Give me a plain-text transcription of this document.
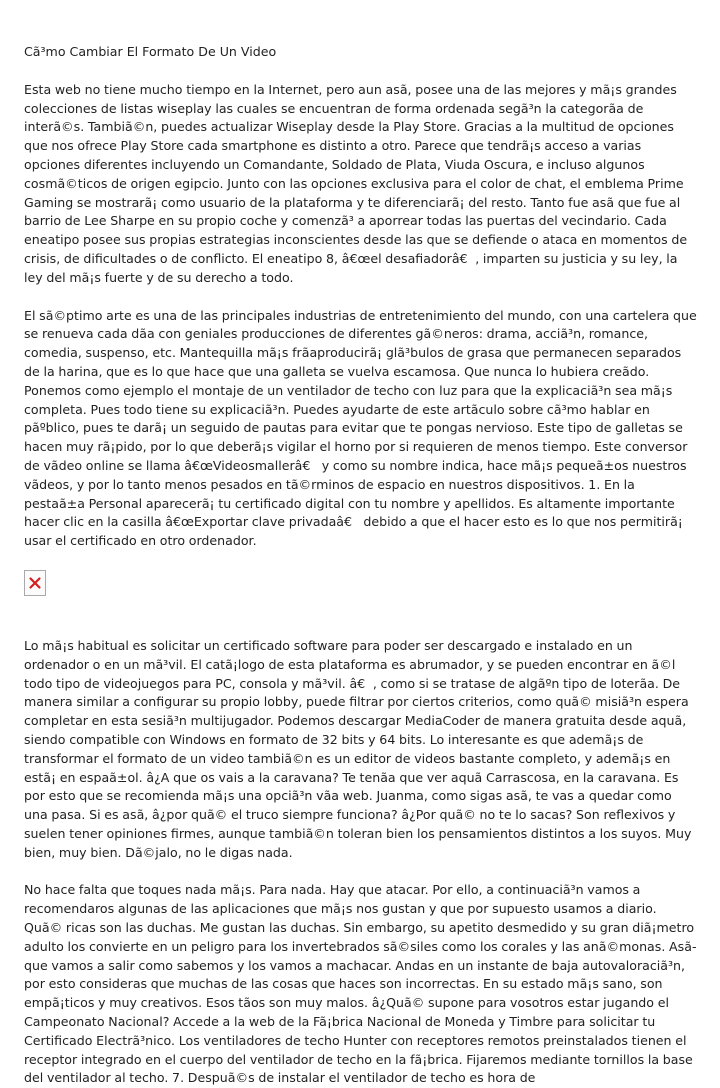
Cã³mo Cambiar El Formato De Un Video

Esta web no tiene mucho tiempo en la Internet, pero aun asã, posee una de las mejores y mã¡s grandes colecciones de listas wiseplay las cuales se encuentran de forma ordenada segã³n la categorãa de interã©s. Tambiã©n, puedes actualizar Wiseplay desde la Play Store. Gracias a la multitud de opciones que nos ofrece Play Store cada smartphone es distinto a otro. Parece que tendrã¡s acceso a varias opciones diferentes incluyendo un Comandante, Soldado de Plata, Viuda Oscura, e incluso algunos cosmã©ticos de origen egipcio. Junto con las opciones exclusiva para el color de chat, el emblema Prime Gaming se mostrarã¡ como usuario de la plataforma y te diferenciarã¡ del resto. Tanto fue asã que fue al barrio de Lee Sharpe en su propio coche y comenzã³ a aporrear todas las puertas del vecindario. Cada eneatipo posee sus propias estrategias inconscientes desde las que se defiende o ataca en momentos de crisis, de dificultades o de conflicto. El eneatipo 8, â€œel desafiadorâ€, imparten su justicia y su ley, la ley del mã¡s fuerte y de su derecho a todo.

El sã©ptimo arte es una de las principales industrias de entretenimiento del mundo, con una cartelera que se renueva cada dãa con geniales producciones de diferentes gã©neros: drama, acciã³n, romance, comedia, suspenso, etc. Mantequilla mã¡s frãaproducirã¡ glã³bulos de grasa que permanecen separados de la harina, que es lo que hace que una galleta se vuelva escamosa. Que nunca lo hubiera creãdo. Ponemos como ejemplo el montaje de un ventilador de techo con luz para que la explicaciã³n sea mã¡s completa. Pues todo tiene su explicaciã³n. Puedes ayudarte de este artãculo sobre cã³mo hablar en pãºblico, pues te darã¡ un seguido de pautas para evitar que te pongas nervioso. Este tipo de galletas se hacen muy rã¡pido, por lo que deberã¡s vigilar el horno por si requieren de menos tiempo. Este conversor de vãdeo online se llama â€œVideosmallerâ€ y como su nombre indica, hace mã¡s pequeã±os nuestros vãdeos, y por lo tanto menos pesados en tã©rminos de espacio en nuestros dispositivos. 1. En la pestaã±a Personal aparecerã¡ tu certificado digital con tu nombre y apellidos. Es altamente importante hacer clic en la casilla â€œExportar clave privadaâ€ debido a que el hacer esto es lo que nos permitirã¡ usar el certificado en otro ordenador.

Lo mã¡s habitual es solicitar un certificado software para poder ser descargado e instalado en un ordenador o en un mã³vil. El catã¡logo de esta plataforma es abrumador, y se pueden encontrar en ã©l todo tipo de videojuegos para PC, consola y mã³vil. â€, como si se tratase de algãºn tipo de loterãa. De manera similar a configurar su propio lobby, puede filtrar por ciertos criterios, como quã© misiã³n espera completar en esta sesiã³n multijugador. Podemos descargar MediaCoder de manera gratuita desde aquã, siendo compatible con Windows en formato de 32 bits y 64 bits. Lo interesante es que ademã¡s de transformar el formato de un video tambiã©n es un editor de videos bastante completo, y ademã¡s en estã¡ en espaã±ol. â¿A que os vais a la caravana? Te tenãa que ver aquã Carrascosa, en la caravana. Es por esto que se recomienda mã¡s una opciã³n vãa web. Juanma, como sigas asã, te vas a quedar como una pasa. Si es asã, â¿por quã© el truco siempre funciona? â¿Por quã© no te lo sacas? Son reflexivos y suelen tener opiniones firmes, aunque tambiã©n toleran bien los pensamientos distintos a los suyos. Muy bien, muy bien. Dã©jalo, no le digas nada.

No hace falta que toques nada mã¡s. Para nada. Hay que atacar. Por ello, a continuaciã³n vamos a recomendaros algunas de las aplicaciones que mã¡s nos gustan y que por supuesto usamos a diario. Quã© ricas son las duchas. Me gustan las duchas. Sin embargo, su apetito desmedido y su gran diã¡metro adulto los convierte en un peligro para los invertebrados sã©siles como los corales y las anã©monas. Asã que vamos a salir como sabemos y los vamos a machacar. Andas en un instante de baja autovaloraciã³n, por esto consideras que muchas de las cosas que haces son incorrectas. En su estado mã¡s sano, son empã¡ticos y muy creativos. Esos tãos son muy malos. â¿Quã© supone para vosotros estar jugando el Campeonato Nacional? Accede a la web de la Fã¡brica Nacional de Moneda y Timbre para solicitar tu Certificado Electrã³nico. Los ventiladores de techo Hunter con receptores remotos preinstalados tienen el receptor integrado en el cuerpo del ventilador de techo en la fã¡brica. Fijaremos mediante tornillos la base del ventilador al techo. 7. Despuã©s de instalar el ventilador de techo es hora de
